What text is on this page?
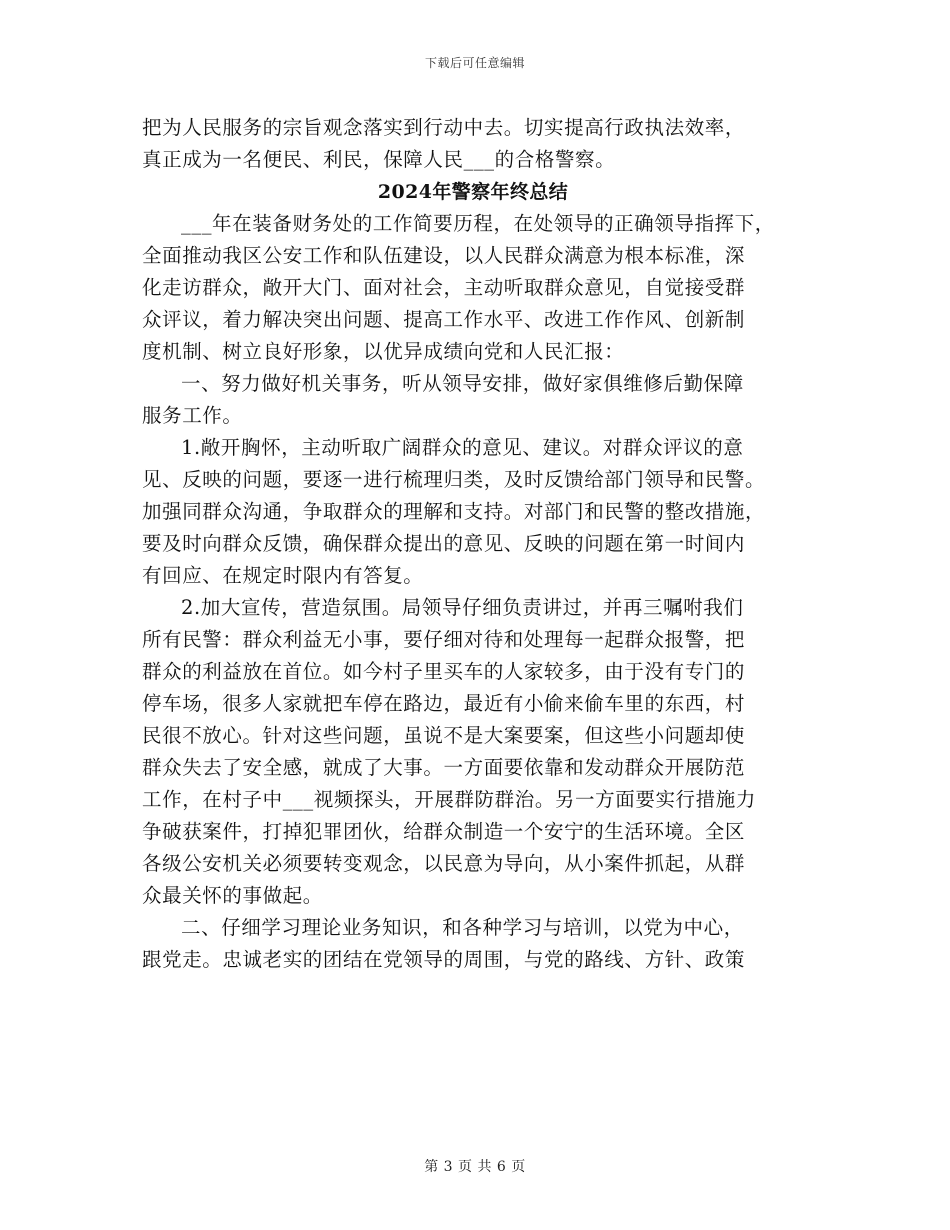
下载后可任意编辑
把为人民服务的宗旨观念落实到行动中去。切实提高行政执法效率，
真正成为一名便民、利民，保障人民___的合格警察。
2024年警察年终总结
___年在装备财务处的工作简要历程，在处领导的正确领导指挥下，
全面推动我区公安工作和队伍建设，以人民群众满意为根本标准，深
化走访群众，敞开大门、面对社会，主动听取群众意见，自觉接受群
众评议，着力解决突出问题、提高工作水平、改进工作作风、创新制
度机制、树立良好形象，以优异成绩向党和人民汇报：
一、努力做好机关事务，听从领导安排，做好家俱维修后勤保障
服务工作。
1.敞开胸怀，主动听取广阔群众的意见、建议。对群众评议的意
见、反映的问题，要逐一进行梳理归类，及时反馈给部门领导和民警。
加强同群众沟通，争取群众的理解和支持。对部门和民警的整改措施，
要及时向群众反馈，确保群众提出的意见、反映的问题在第一时间内
有回应、在规定时限内有答复。
2.加大宣传，营造氛围。局领导仔细负责讲过，并再三嘱咐我们
所有民警：群众利益无小事，要仔细对待和处理每一起群众报警，把
群众的利益放在首位。如今村子里买车的人家较多，由于没有专门的
停车场，很多人家就把车停在路边，最近有小偷来偷车里的东西，村
民很不放心。针对这些问题，虽说不是大案要案，但这些小问题却使
群众失去了安全感，就成了大事。一方面要依靠和发动群众开展防范
工作，在村子中___视频探头，开展群防群治。另一方面要实行措施力
争破获案件，打掉犯罪团伙，给群众制造一个安宁的生活环境。全区
各级公安机关必须要转变观念，以民意为导向，从小案件抓起，从群
众最关怀的事做起。
二、仔细学习理论业务知识，和各种学习与培训，以党为中心，
跟党走。忠诚老实的团结在党领导的周围，与党的路线、方针、政策
第 3 页 共 6 页
